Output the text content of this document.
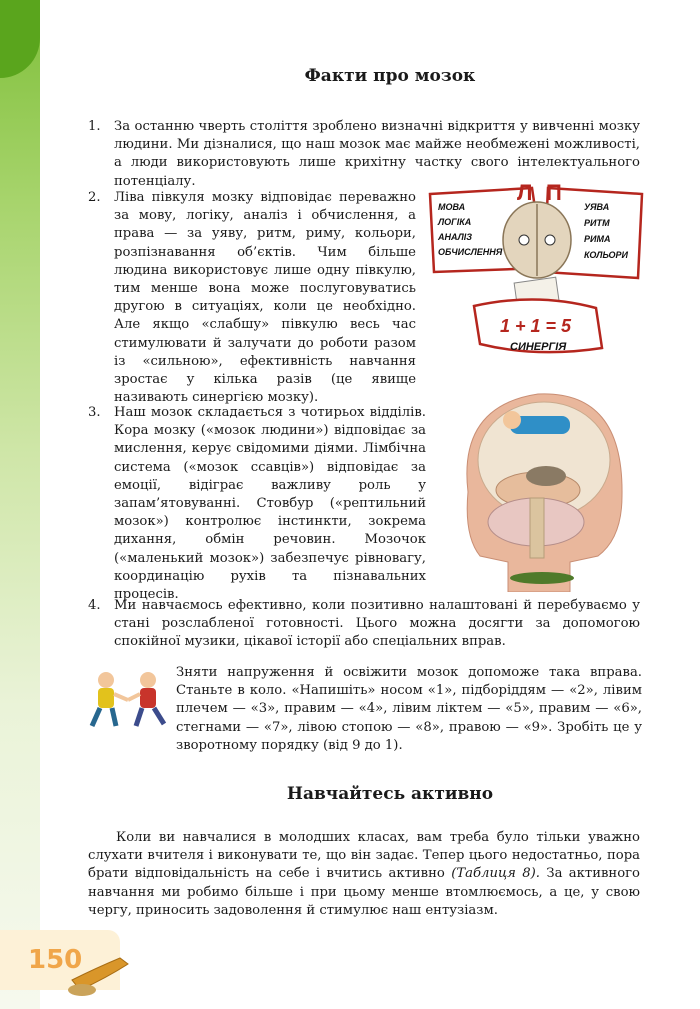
Факти про мозок
1. За останню чверть століття зроблено визначні відкриття у вивченні мозку людини. Ми дізналися, що наш мозок має майже необмежені можливості, а люди використовують лише крихітну частку свого інтелектуального потенціалу.
2. Ліва півкуля мозку відповідає переважно за мову, логіку, аналіз і обчислення, а права — за уяву, ритм, риму, кольори, розпізнавання об’єктів. Чим більше людина використовує лише одну півкулю, тим менше вона може послуговуватись другою в ситуаціях, коли це необхідно. Але якщо «слабшу» півкулю весь час стимулювати й залучати до роботи разом із «сильною», ефективність навчання зростає у кілька разів (це явище називають синергією мозку).
Л П
МОВА
ЛОГІКА
АНАЛІЗ
ОБЧИСЛЕННЯ
УЯВА
РИТМ
РИМА
КОЛЬОРИ
1 + 1 = 5
СИНЕРГІЯ
3. Наш мозок складається з чотирьох відділів. Кора мозку («мозок людини») відповідає за мислення, керує свідомими діями. Лімбічна система («мозок ссавців») відповідає за емоції, відіграє важливу роль у запам’ятовуванні. Стовбур («рептильний мозок») контролює інстинкти, зокрема дихання, обмін речовин. Мозочок («маленький мозок») забезпечує рівновагу, координацію рухів та пізнавальних процесів.
4. Ми навчаємось ефективно, коли позитивно налаштовані й перебуваємо у стані розслабленої готовності. Цього можна досягти за допомогою спокійної музики, цікавої історії або спеціальних вправ.
Зняти напруження й освіжити мозок допоможе така вправа. Станьте в коло. «Напишіть» носом «1», підборіддям — «2», лівим плечем — «3», правим — «4», лівим ліктем — «5», правим — «6», стегнами — «7», лівою стопою — «8», правою — «9». Зробіть це у зворотному порядку (від 9 до 1).
Навчайтесь активно
Коли ви навчалися в молодших класах, вам треба було тільки уважно слухати вчителя і виконувати те, що він задає. Тепер цього недостатньо, пора брати відповідальність на себе і вчитись активно (Таблиця 8). За активного навчання ми робимо більше і при цьому менше втомлюємось, а це, у свою чергу, приносить задоволення й стимулює наш ентузіазм.
150
